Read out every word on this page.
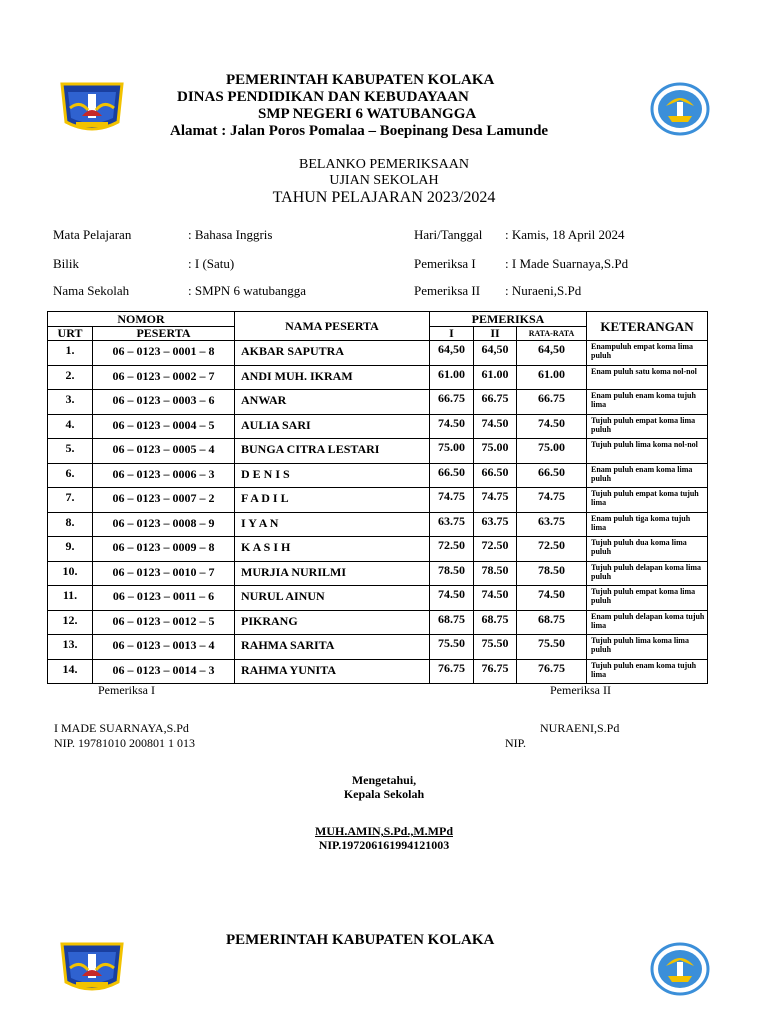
PEMERINTAH KABUPATEN KOLAKA
DINAS PENDIDIKAN DAN KEBUDAYAAN
SMP NEGERI 6 WATUBANGGA
Alamat : Jalan Poros Pomalaa – Boepinang Desa Lamunde
BELANKO PEMERIKSAAN
UJIAN SEKOLAH
TAHUN PELAJARAN 2023/2024
Mata Pelajaran	: Bahasa Inggris
Bilik	: I (Satu)
Nama Sekolah	: SMPN 6 watubangga
Hari/Tanggal : Kamis, 18 April 2024
Pemeriksa I : I Made Suarnaya,S.Pd
Pemeriksa II : Nuraeni,S.Pd
NOMOR		NAMA PESERTA	PEMERIKSA			KETERANGAN
URT	PESERTA		I	II	RATA-RATA	
1.	06 – 0123 – 0001 – 8	AKBAR SAPUTRA	64,50	64,50	64,50	Enampuluh empat koma lima puluh
2.	06 – 0123 – 0002 – 7	ANDI MUH. IKRAM	61.00	61.00	61.00	Enam puluh satu koma nol-nol
3.	06 – 0123 – 0003 – 6	ANWAR	66.75	66.75	66.75	Enam puluh enam koma tujuh lima
4.	06 – 0123 – 0004 – 5	AULIA SARI	74.50	74.50	74.50	Tujuh puluh empat koma lima puluh
5.	06 – 0123 – 0005 – 4	BUNGA CITRA LESTARI	75.00	75.00	75.00	Tujuh puluh lima koma nol-nol
6.	06 – 0123 – 0006 – 3	D E N I S	66.50	66.50	66.50	Enam puluh enam koma lima puluh
7.	06 – 0123 – 0007 – 2	F A D I L	74.75	74.75	74.75	Tujuh puluh empat koma tujuh lima
8.	06 – 0123 – 0008 – 9	I Y A N	63.75	63.75	63.75	Enam puluh tiga koma tujuh lima
9.	06 – 0123 – 0009 – 8	K A S I H	72.50	72.50	72.50	Tujuh puluh dua koma lima puluh
10.	06 – 0123 – 0010 – 7	MURJIA NURILMI	78.50	78.50	78.50	Tujuh puluh delapan koma lima puluh
11.	06 – 0123 – 0011 – 6	NURUL AINUN	74.50	74.50	74.50	Tujuh puluh empat koma lima puluh
12.	06 – 0123 – 0012 – 5	PIKRANG	68.75	68.75	68.75	Enam puluh delapan koma tujuh lima
13.	06 – 0123 – 0013 – 4	RAHMA SARITA	75.50	75.50	75.50	Tujuh puluh lima koma lima puluh
14.	06 – 0123 – 0014 – 3	RAHMA YUNITA	76.75	76.75	76.75	Tujuh puluh enam koma tujuh lima
Pemeriksa I	Pemeriksa II
I MADE SUARNAYA,S.Pd
NIP. 19781010 200801 1 013
NURAENI,S.Pd
NIP.
Mengetahui,
Kepala Sekolah
MUH.AMIN,S.Pd.,M.MPd
NIP.197206161994121003
PEMERINTAH KABUPATEN KOLAKA
